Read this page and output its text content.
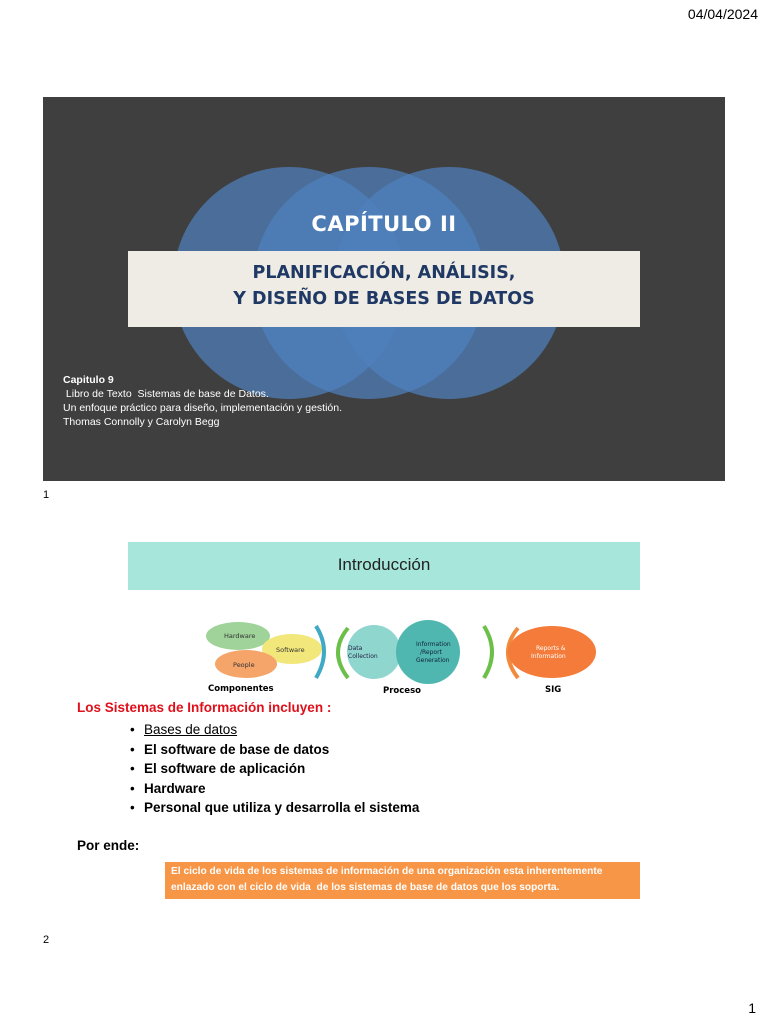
04/04/2024
CAPÍTULO II
PLANIFICACIÓN, ANÁLISIS,
Y DISEÑO DE BASES DE DATOS
Capitulo 9
Libro de Texto  Sistemas de base de Datos.
Un enfoque práctico para diseño, implementación y gestión.
Thomas Connolly y Carolyn Begg
1
Introducción
Hardware
Software
People
Componentes
Data
Collection
Information
/Report
Generation
Proceso
Reports &
Information
SIG
Los Sistemas de Información incluyen :
• Bases de datos
• El software de base de datos
• El software de aplicación
• Hardware
• Personal que utiliza y desarrolla el sistema
Por ende:
El ciclo de vida de los sistemas de información de una organización esta inherentemente
enlazado con el ciclo de vida  de los sistemas de base de datos que los soporta.
2
1
